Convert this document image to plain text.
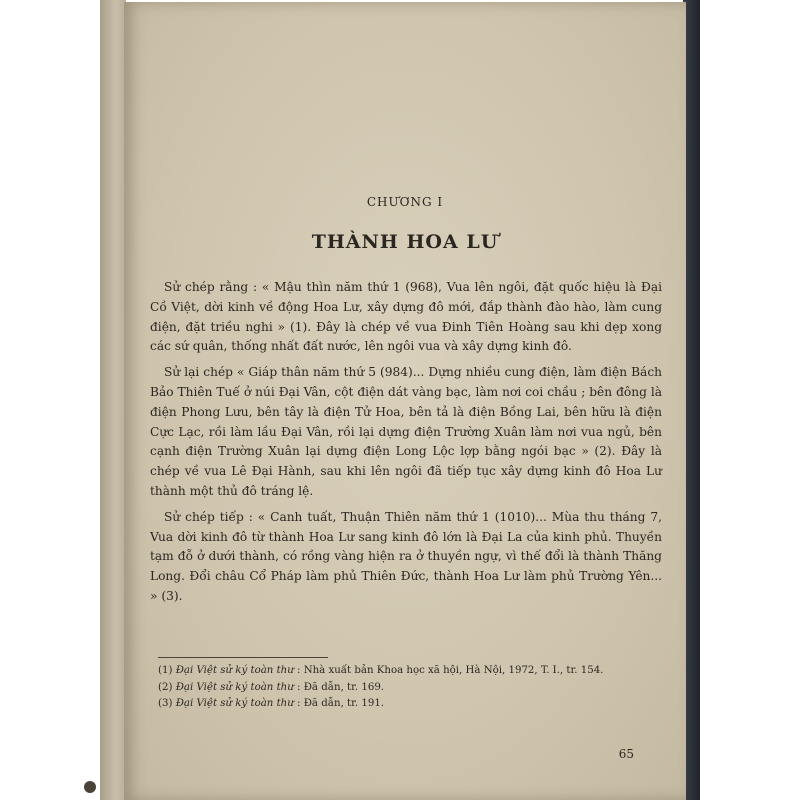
CHƯƠNG I
THÀNH HOA LƯ

Sử chép rằng : « Mậu thìn năm thứ 1 (968), Vua lên ngôi, đặt quốc hiệu là Đại Cồ Việt, dời kinh về động Hoa Lư, xây dựng đô mới, đắp thành đào hào, làm cung điện, đặt triều nghi » (1). Đây là chép về vua Đinh Tiên Hoàng sau khi dẹp xong các sứ quân, thống nhất đất nước, lên ngôi vua và xây dựng kinh đô.

Sử lại chép « Giáp thân năm thứ 5 (984)... Dựng nhiều cung điện, làm điện Bách Bảo Thiên Tuế ở núi Đại Vân, cột điện dát vàng bạc, làm nơi coi chầu ; bên đông là điện Phong Lưu, bên tây là điện Tử Hoa, bên tả là điện Bồng Lai, bên hữu là điện Cực Lạc, rồi làm lầu Đại Vân, rồi lại dựng điện Trường Xuân làm nơi vua ngủ, bên cạnh điện Trường Xuân lại dựng điện Long Lộc lợp bằng ngói bạc » (2). Đây là chép về vua Lê Đại Hành, sau khi lên ngôi đã tiếp tục xây dựng kinh đô Hoa Lư thành một thủ đô tráng lệ.

Sử chép tiếp : « Canh tuất, Thuận Thiên năm thứ 1 (1010)... Mùa thu tháng 7, Vua dời kinh đô từ thành Hoa Lư sang kinh đô lớn là Đại La của kinh phủ. Thuyền tạm đỗ ở dưới thành, có rồng vàng hiện ra ở thuyền ngự, vì thế đổi là thành Thăng Long. Đổi châu Cổ Pháp làm phủ Thiên Đức, thành Hoa Lư làm phủ Trường Yên... » (3).

(1) Đại Việt sử ký toàn thư : Nhà xuất bản Khoa học xã hội, Hà Nội, 1972, T. I., tr. 154.

(2) Đại Việt sử ký toàn thư : Đã dẫn, tr. 169.

(3) Đại Việt sử ký toàn thư : Đã dẫn, tr. 191.

65
